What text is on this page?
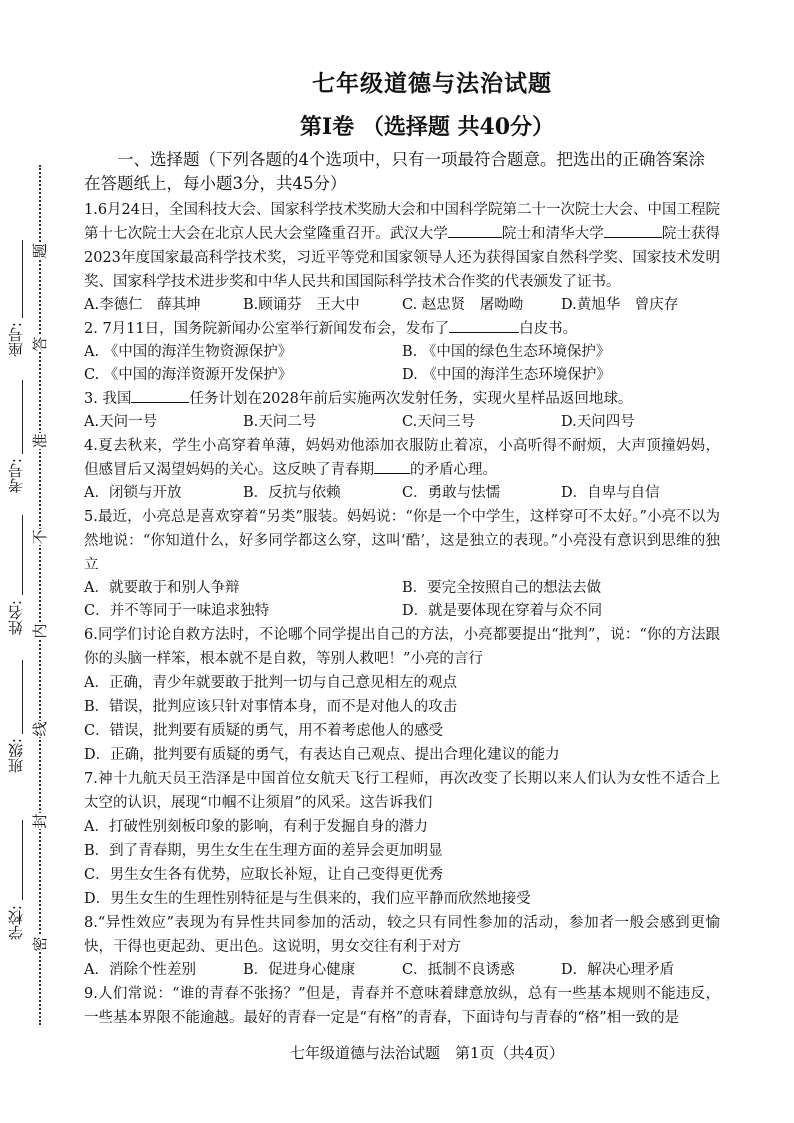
学校:
班级:
姓名:
考号:
座号:
密
封
线
内
不
准
答
题
七年级道德与法治试题
第Ⅰ卷 （选择题 共40分）

一、选择题（下列各题的4个选项中，只有一项最符合题意。把选出的正确答案涂在答题纸上，每小题3分，共45分）

1.6月24日，全国科技大会、国家科学技术奖励大会和中国科学院第二十一次院士大会、中国工程院第十七次院士大会在北京人民大会堂隆重召开。武汉大学	院士和清华大学	院士获得2023年度国家最高科学技术奖，习近平等党和国家领导人还为获得国家自然科学奖、国家技术发明奖、国家科学技术进步奖和中华人民共和国国际科学技术合作奖的代表颁发了证书。

A.李德仁　薛其坤	B.顾诵芬　王大中	C. 赵忠贤　屠呦呦	D.黄旭华　曾庆存

2. 7月11日，国务院新闻办公室举行新闻发布会，发布了	白皮书。

A. 《中国的海洋生物资源保护》	B. 《中国的绿色生态环境保护》
C. 《中国的海洋资源开发保护》	D. 《中国的海洋生态环境保护》

3. 我国	任务计划在2028年前后实施两次发射任务，实现火星样品返回地球。

A.天问一号	B.天问二号	C.天问三号	D.天问四号

4.夏去秋来，学生小高穿着单薄，妈妈劝他添加衣服防止着凉，小高听得不耐烦，大声顶撞妈妈，但感冒后又渴望妈妈的关心。这反映了青春期 的矛盾心理。

A．闭锁与开放	B．反抗与依赖	C．勇敢与怯懦	D．自卑与自信

5.最近，小亮总是喜欢穿着“另类”服装。妈妈说：“你是一个中学生，这样穿可不太好。”小亮不以为然地说：“你知道什么，好多同学都这么穿，这叫‘酷’，这是独立的表现。”小亮没有意识到思维的独立

A．就要敢于和别人争辩	B．要完全按照自己的想法去做
C．并不等同于一味追求独特	D．就是要体现在穿着与众不同

6.同学们讨论自救方法时，不论哪个同学提出自己的方法，小亮都要提出“批判”，说：“你的方法跟你的头脑一样笨，根本就不是自救，等别人救吧！”小亮的言行

A．正确，青少年就要敢于批判一切与自己意见相左的观点

B．错误，批判应该只针对事情本身，而不是对他人的攻击

C．错误，批判要有质疑的勇气，用不着考虑他人的感受

D．正确，批判要有质疑的勇气，有表达自己观点、提出合理化建议的能力

7.神十九航天员王浩泽是中国首位女航天飞行工程师，再次改变了长期以来人们认为女性不适合上太空的认识，展现“巾帼不让须眉”的风采。这告诉我们

A．打破性别刻板印象的影响，有利于发掘自身的潜力

B．到了青春期，男生女生在生理方面的差异会更加明显

C．男生女生各有优势，应取长补短，让自己变得更优秀

D．男生女生的生理性别特征是与生俱来的，我们应平静而欣然地接受

8.“异性效应”表现为有异性共同参加的活动，较之只有同性参加的活动，参加者一般会感到更愉快，干得也更起劲、更出色。这说明，男女交往有利于对方

A．消除个性差别	B．促进身心健康	C．抵制不良诱惑	D．解决心理矛盾

9.人们常说：“谁的青春不张扬？”但是，青春并不意味着肆意放纵，总有一些基本规则不能违反，一些基本界限不能逾越。最好的青春一定是“有格”的青春，下面诗句与青春的“格”相一致的是

七年级道德与法治试题　第1页（共4页）
